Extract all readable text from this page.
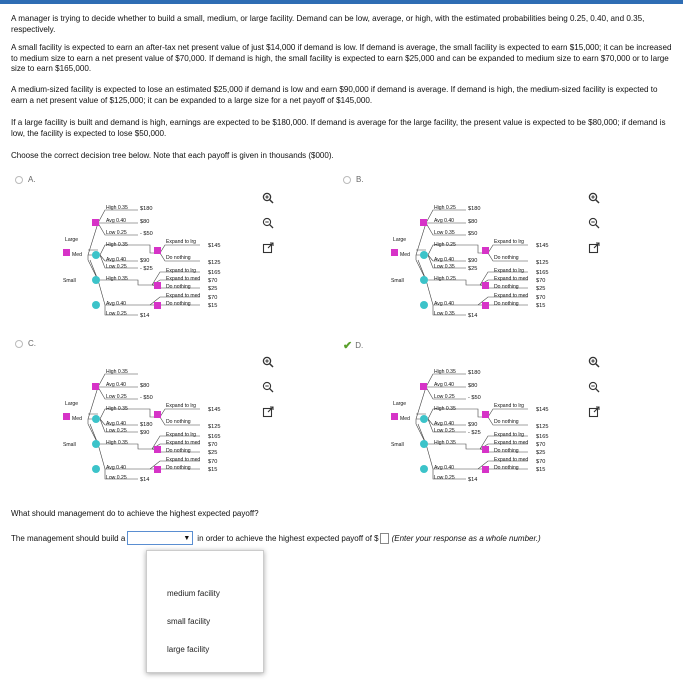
A manager is trying to decide whether to build a small, medium, or large facility. Demand can be low, average, or high, with the estimated probabilities being 0.25, 0.40, and 0.35, respectively.

A small facility is expected to earn an after-tax net present value of just $14,000 if demand is low. If demand is average, the small facility is expected to earn $15,000; it can be increased to medium size to earn a net present value of $70,000. If demand is high, the small facility is expected to earn $25,000 and can be expanded to medium size to earn $70,000 or to large size to earn $165,000.

A medium-sized facility is expected to lose an estimated $25,000 if demand is low and earn $90,000 if demand is average. If demand is high, the medium-sized facility is expected to earn a net present value of $125,000; it can be expanded to a large size for a net payoff of $145,000.

If a large facility is built and demand is high, earnings are expected to be $180,000. If demand is average for the large facility, the present value is expected to be $80,000; if demand is low, the facility is expected to lose $50,000.

Choose the correct decision tree below. Note that each payoff is given in thousands ($000).

A.	B.
C.	✔ D.
Large
Med
Small
High 0.35
Avg 0.40
Low 0.25
$180
$80
- $50
High 0.35
Avg 0.40
Low 0.25
$90
- $25
Expand to lrg
Do nothing
$145
$125
High 0.35
Expand to lrg
Expand to med
Do nothing
$165
$70
$25
Avg 0.40
Expand to med
Do nothing
$70
$15
Low 0.25 $14
Large
Med
Small
High 0.25
Avg 0.40
Low 0.35
$180
$80
$50
High 0.25
Avg 0.40
Low 0.35
$90
$25
Expand to lrg
Do nothing
$145
$125
High 0.25
Expand to lrg
Expand to med
Do nothing
$165
$70
$25
Avg 0.40
Expand to med
Do nothing
$70
$15
Low 0.35 $14
Large
Med
Small
High 0.35
Avg 0.40
Low 0.25
$80
- $50
High 0.35
Avg 0.40
Low 0.25
$180
$90
Expand to lrg
Do nothing
$145
$125
High 0.35
Expand to lrg
Expand to med
Do nothing
$165
$70
$25
Avg 0.40
Expand to med
Do nothing
$70
$15
Low 0.25 $14
Large
Med
Small
High 0.35
Avg 0.40
Low 0.25
$180
$80
- $50
High 0.35
Avg 0.40
Low 0.25
$90
- $25
Expand to lrg
Do nothing
$145
$125
High 0.35
Expand to lrg
Expand to med
Do nothing
$165
$70
$25
Avg 0.40
Expand to med
Do nothing
$70
$15
Low 0.25 $14

What should management do to achieve the highest expected payoff?
The management should build a	▼ in order to achieve the highest expected payoff of $ (Enter your response as a whole number.)
medium facility
small facility
large facility
